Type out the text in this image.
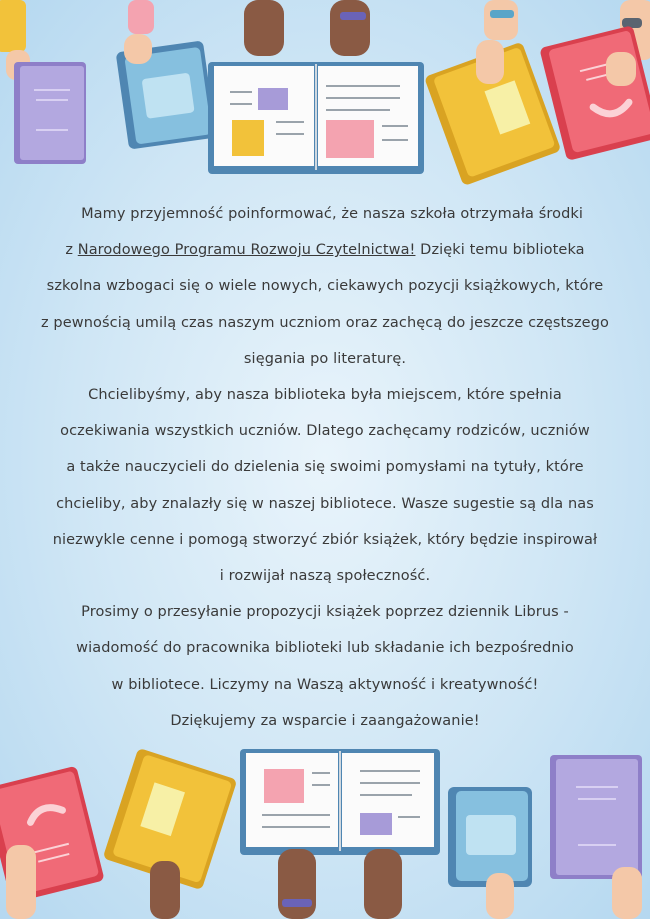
Mamy przyjemność poinformować, że nasza szkoła otrzymała środki
z Narodowego Programu Rozwoju Czytelnictwa! Dzięki temu biblioteka
szkolna wzbogaci się o wiele nowych, ciekawych pozycji książkowych, które
z pewnością umilą czas naszym uczniom oraz zachęcą do jeszcze częstszego
sięgania po literaturę.
Chcielibyśmy, aby nasza biblioteka była miejscem, które spełnia
oczekiwania wszystkich uczniów. Dlatego zachęcamy rodziców, uczniów
a także nauczycieli do dzielenia się swoimi pomysłami na tytuły, które
chcieliby, aby znalazły się w naszej bibliotece. Wasze sugestie są dla nas
niezwykle cenne i pomogą stworzyć zbiór książek, który będzie inspirował
i rozwijał naszą społeczność.
Prosimy o przesyłanie propozycji książek poprzez dziennik Librus -
wiadomość do pracownika biblioteki lub składanie ich bezpośrednio
w bibliotece. Liczymy na Waszą aktywność i kreatywność!
Dziękujemy za wsparcie i zaangażowanie!
